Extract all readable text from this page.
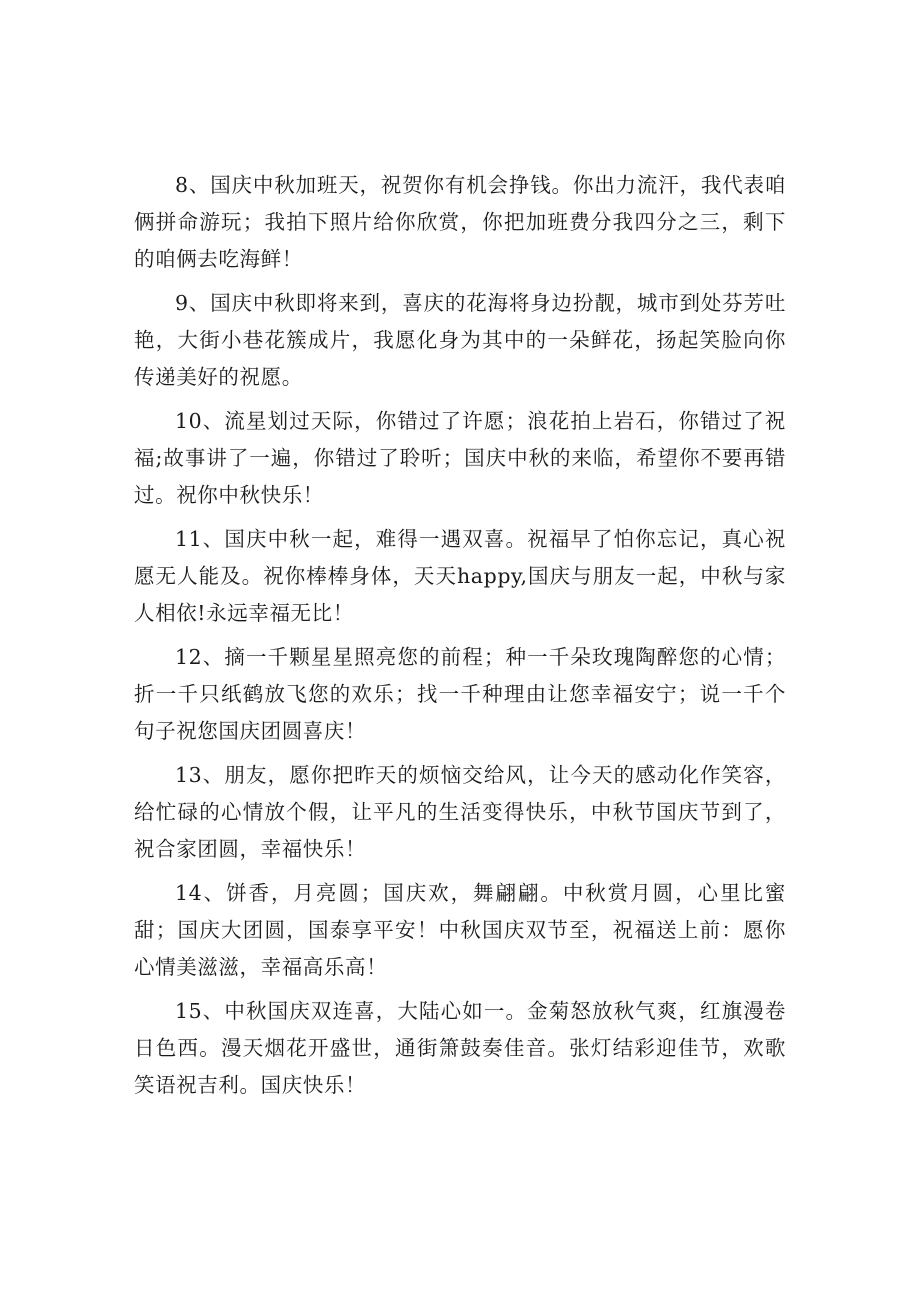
8、国庆中秋加班天，祝贺你有机会挣钱。你出力流汗，我代表咱俩拼命游玩；我拍下照片给你欣赏，你把加班费分我四分之三，剩下的咱俩去吃海鲜！

9、国庆中秋即将来到，喜庆的花海将身边扮靓，城市到处芬芳吐艳，大街小巷花簇成片，我愿化身为其中的一朵鲜花，扬起笑脸向你传递美好的祝愿。

10、流星划过天际，你错过了许愿；浪花拍上岩石，你错过了祝福;故事讲了一遍，你错过了聆听；国庆中秋的来临，希望你不要再错过。祝你中秋快乐！

11、国庆中秋一起，难得一遇双喜。祝福早了怕你忘记，真心祝愿无人能及。祝你棒棒身体，天天happy,国庆与朋友一起，中秋与家人相依!永远幸福无比！

12、摘一千颗星星照亮您的前程；种一千朵玫瑰陶醉您的心情；折一千只纸鹤放飞您的欢乐；找一千种理由让您幸福安宁；说一千个句子祝您国庆团圆喜庆！

13、朋友，愿你把昨天的烦恼交给风，让今天的感动化作笑容，给忙碌的心情放个假，让平凡的生活变得快乐，中秋节国庆节到了，祝合家团圆，幸福快乐！

14、饼香，月亮圆；国庆欢，舞翩翩。中秋赏月圆，心里比蜜甜；国庆大团圆，国泰享平安！中秋国庆双节至，祝福送上前：愿你心情美滋滋，幸福高乐高！

15、中秋国庆双连喜，大陆心如一。金菊怒放秋气爽，红旗漫卷日色西。漫天烟花开盛世，通街箫鼓奏佳音。张灯结彩迎佳节，欢歌笑语祝吉利。国庆快乐！
